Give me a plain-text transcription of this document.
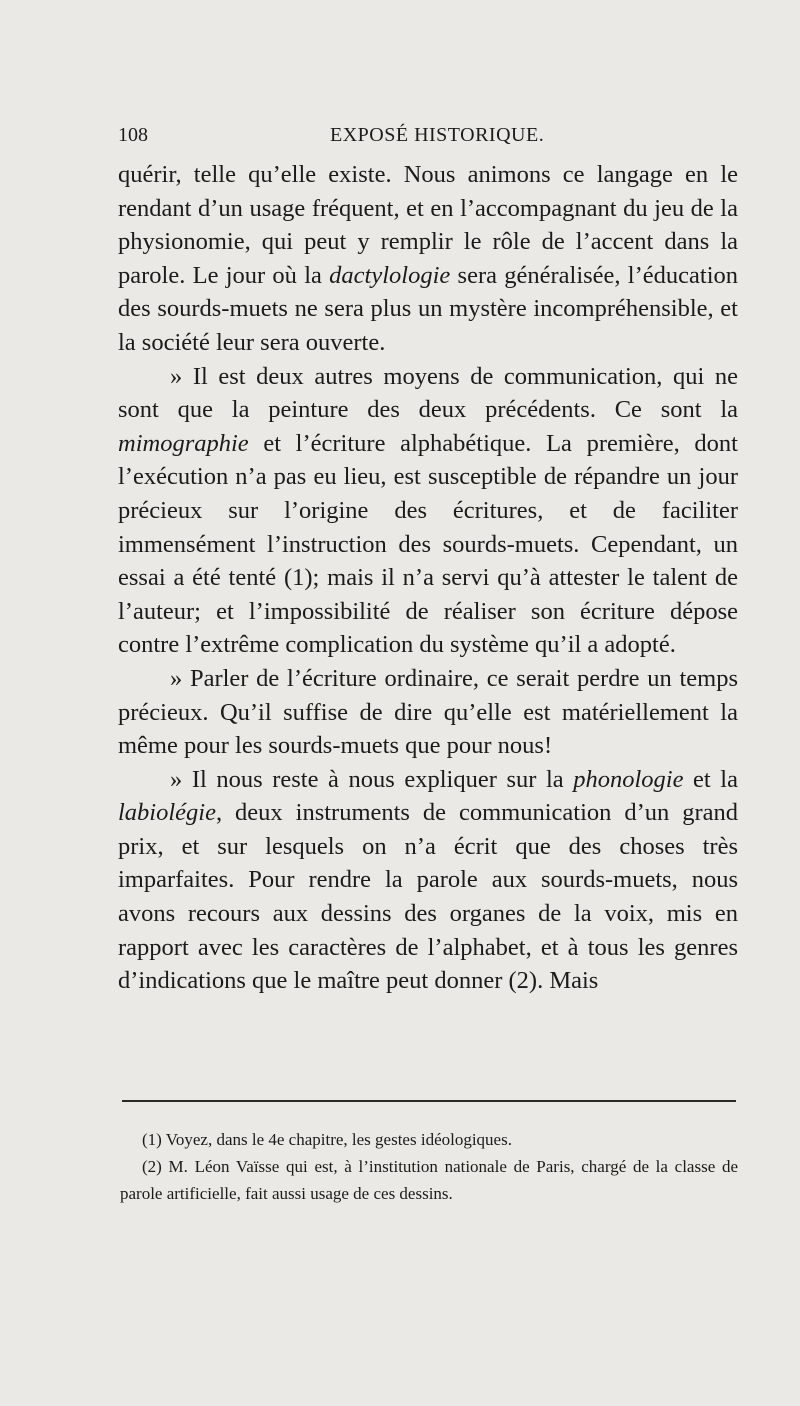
108	EXPOSÉ HISTORIQUE.

quérir, telle qu’elle existe. Nous animons ce langage en le rendant d’un usage fréquent, et en l’accompagnant du jeu de la physionomie, qui peut y remplir le rôle de l’accent dans la parole. Le jour où la dactylologie sera généralisée, l’éducation des sourds-muets ne sera plus un mystère incompréhensible, et la société leur sera ouverte.

» Il est deux autres moyens de communication, qui ne sont que la peinture des deux précédents. Ce sont la mimographie et l’écriture alphabétique. La première, dont l’exécution n’a pas eu lieu, est susceptible de répandre un jour précieux sur l’origine des écritures, et de faciliter immensément l’instruction des sourds-muets. Cependant, un essai a été tenté (1); mais il n’a servi qu’à attester le talent de l’auteur; et l’impossibilité de réaliser son écriture dépose contre l’extrême complication du système qu’il a adopté.

» Parler de l’écriture ordinaire, ce serait perdre un temps précieux. Qu’il suffise de dire qu’elle est matériellement la même pour les sourds-muets que pour nous!

» Il nous reste à nous expliquer sur la phonologie et la labiolégie, deux instruments de communication d’un grand prix, et sur lesquels on n’a écrit que des choses très imparfaites. Pour rendre la parole aux sourds-muets, nous avons recours aux dessins des organes de la voix, mis en rapport avec les caractères de l’alphabet, et à tous les genres d’indications que le maître peut donner (2). Mais

(1) Voyez, dans le 4e chapitre, les gestes idéologiques.

(2) M. Léon Vaïsse qui est, à l’institution nationale de Paris, chargé de la classe de parole artificielle, fait aussi usage de ces dessins.
